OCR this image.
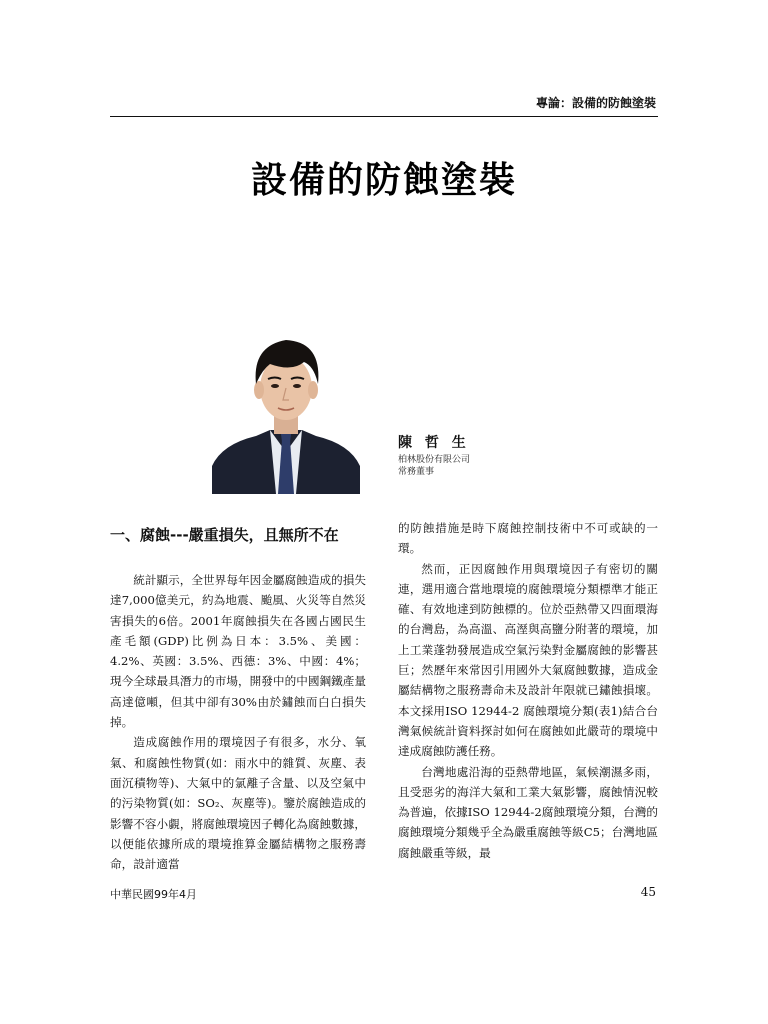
專論：設備的防蝕塗裝
設備的防蝕塗裝
陳 哲 生
柏林股份有限公司
常務董事
一、腐蝕---嚴重損失，且無所不在

統計顯示，全世界每年因金屬腐蝕造成的損失達7,000億美元，約為地震、颱風、火災等自然災害損失的6倍。2001年腐蝕損失在各國占國民生產毛額(GDP)比例為日本：3.5%、美國：4.2%、英國：3.5%、西德：3%、中國：4%；現今全球最具潛力的市場，開發中的中國鋼鐵產量高達億噸，但其中卻有30%由於鏽蝕而白白損失掉。

造成腐蝕作用的環境因子有很多，水分、氧氣、和腐蝕性物質(如：雨水中的雜質、灰塵、表面沉積物等)、大氣中的氯離子含量、以及空氣中的污染物質(如：SO₂、灰塵等)。鑒於腐蝕造成的影響不容小覷，將腐蝕環境因子轉化為腐蝕數據，以便能依據所成的環境推算金屬結構物之服務壽命，設計適當

的防蝕措施是時下腐蝕控制技術中不可或缺的一環。

然而，正因腐蝕作用與環境因子有密切的關連，選用適合當地環境的腐蝕環境分類標準才能正確、有效地達到防蝕標的。位於亞熱帶又四面環海的台灣島，為高溫、高溼與高鹽分附著的環境，加上工業蓬勃發展造成空氣污染對金屬腐蝕的影響甚巨；然歷年來常因引用國外大氣腐蝕數據，造成金屬結構物之服務壽命未及設計年限就已鏽蝕損壞。本文採用ISO 12944-2 腐蝕環境分類(表1)結合台灣氣候統計資料探討如何在腐蝕如此嚴苛的環境中達成腐蝕防護任務。

台灣地處沿海的亞熱帶地區，氣候潮濕多雨，且受惡劣的海洋大氣和工業大氣影響，腐蝕情況較為普遍，依據ISO 12944-2腐蝕環境分類，台灣的腐蝕環境分類幾乎全為嚴重腐蝕等級C5；台灣地區腐蝕嚴重等級，最

中華民國99年4月	45
